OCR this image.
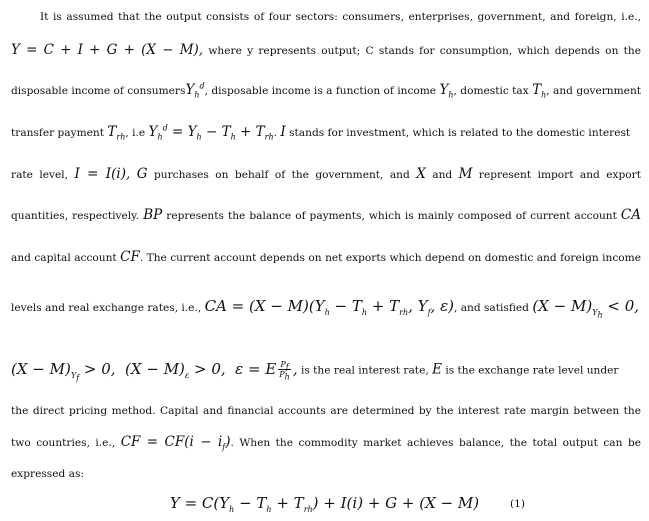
It is assumed that the output consists of four sectors: consumers, enterprises, government, and foreign, i.e.,
Y = C + I + G + (X − M), where y represents output; C stands for consumption, which depends on the
disposable income of consumersY$_h^d$, disposable income is a function of income $Y_h$, domestic tax $T_h$, and government
transfer payment $T_{rh}$, i.e $Y_h^d = Y_h - T_h + T_{rh}$. I stands for investment, which is related to the domestic interest
rate level, I = I(i), G purchases on behalf of the government, and X and M represent import and export
quantities, respectively. BP represents the balance of payments, which is mainly composed of current account CA
and capital account CF. The current account depends on net exports which depend on domestic and foreign income
levels and real exchange rates, i.e., CA = $(X - M)(Y_h - T_h + T_{rh}$, $Y_f$, ε), and satisfied $(X - M)_{Y_h} < 0$,
$(X - M)_{Y_f} > 0$,  $(X - M)_\varepsilon > 0$,  ε = E $\frac{P_f}{P_h}$ , is the real interest rate, E is the exchange rate level under
the direct pricing method. Capital and financial accounts are determined by the interest rate margin between the
two countries, i.e., CF = $CF(i - i_f)$. When the commodity market achieves balance, the total output can be
expressed as:
$Y = C(Y_h - T_h + T_{rh}) + I(i) + G + (X - M)$	(1)
